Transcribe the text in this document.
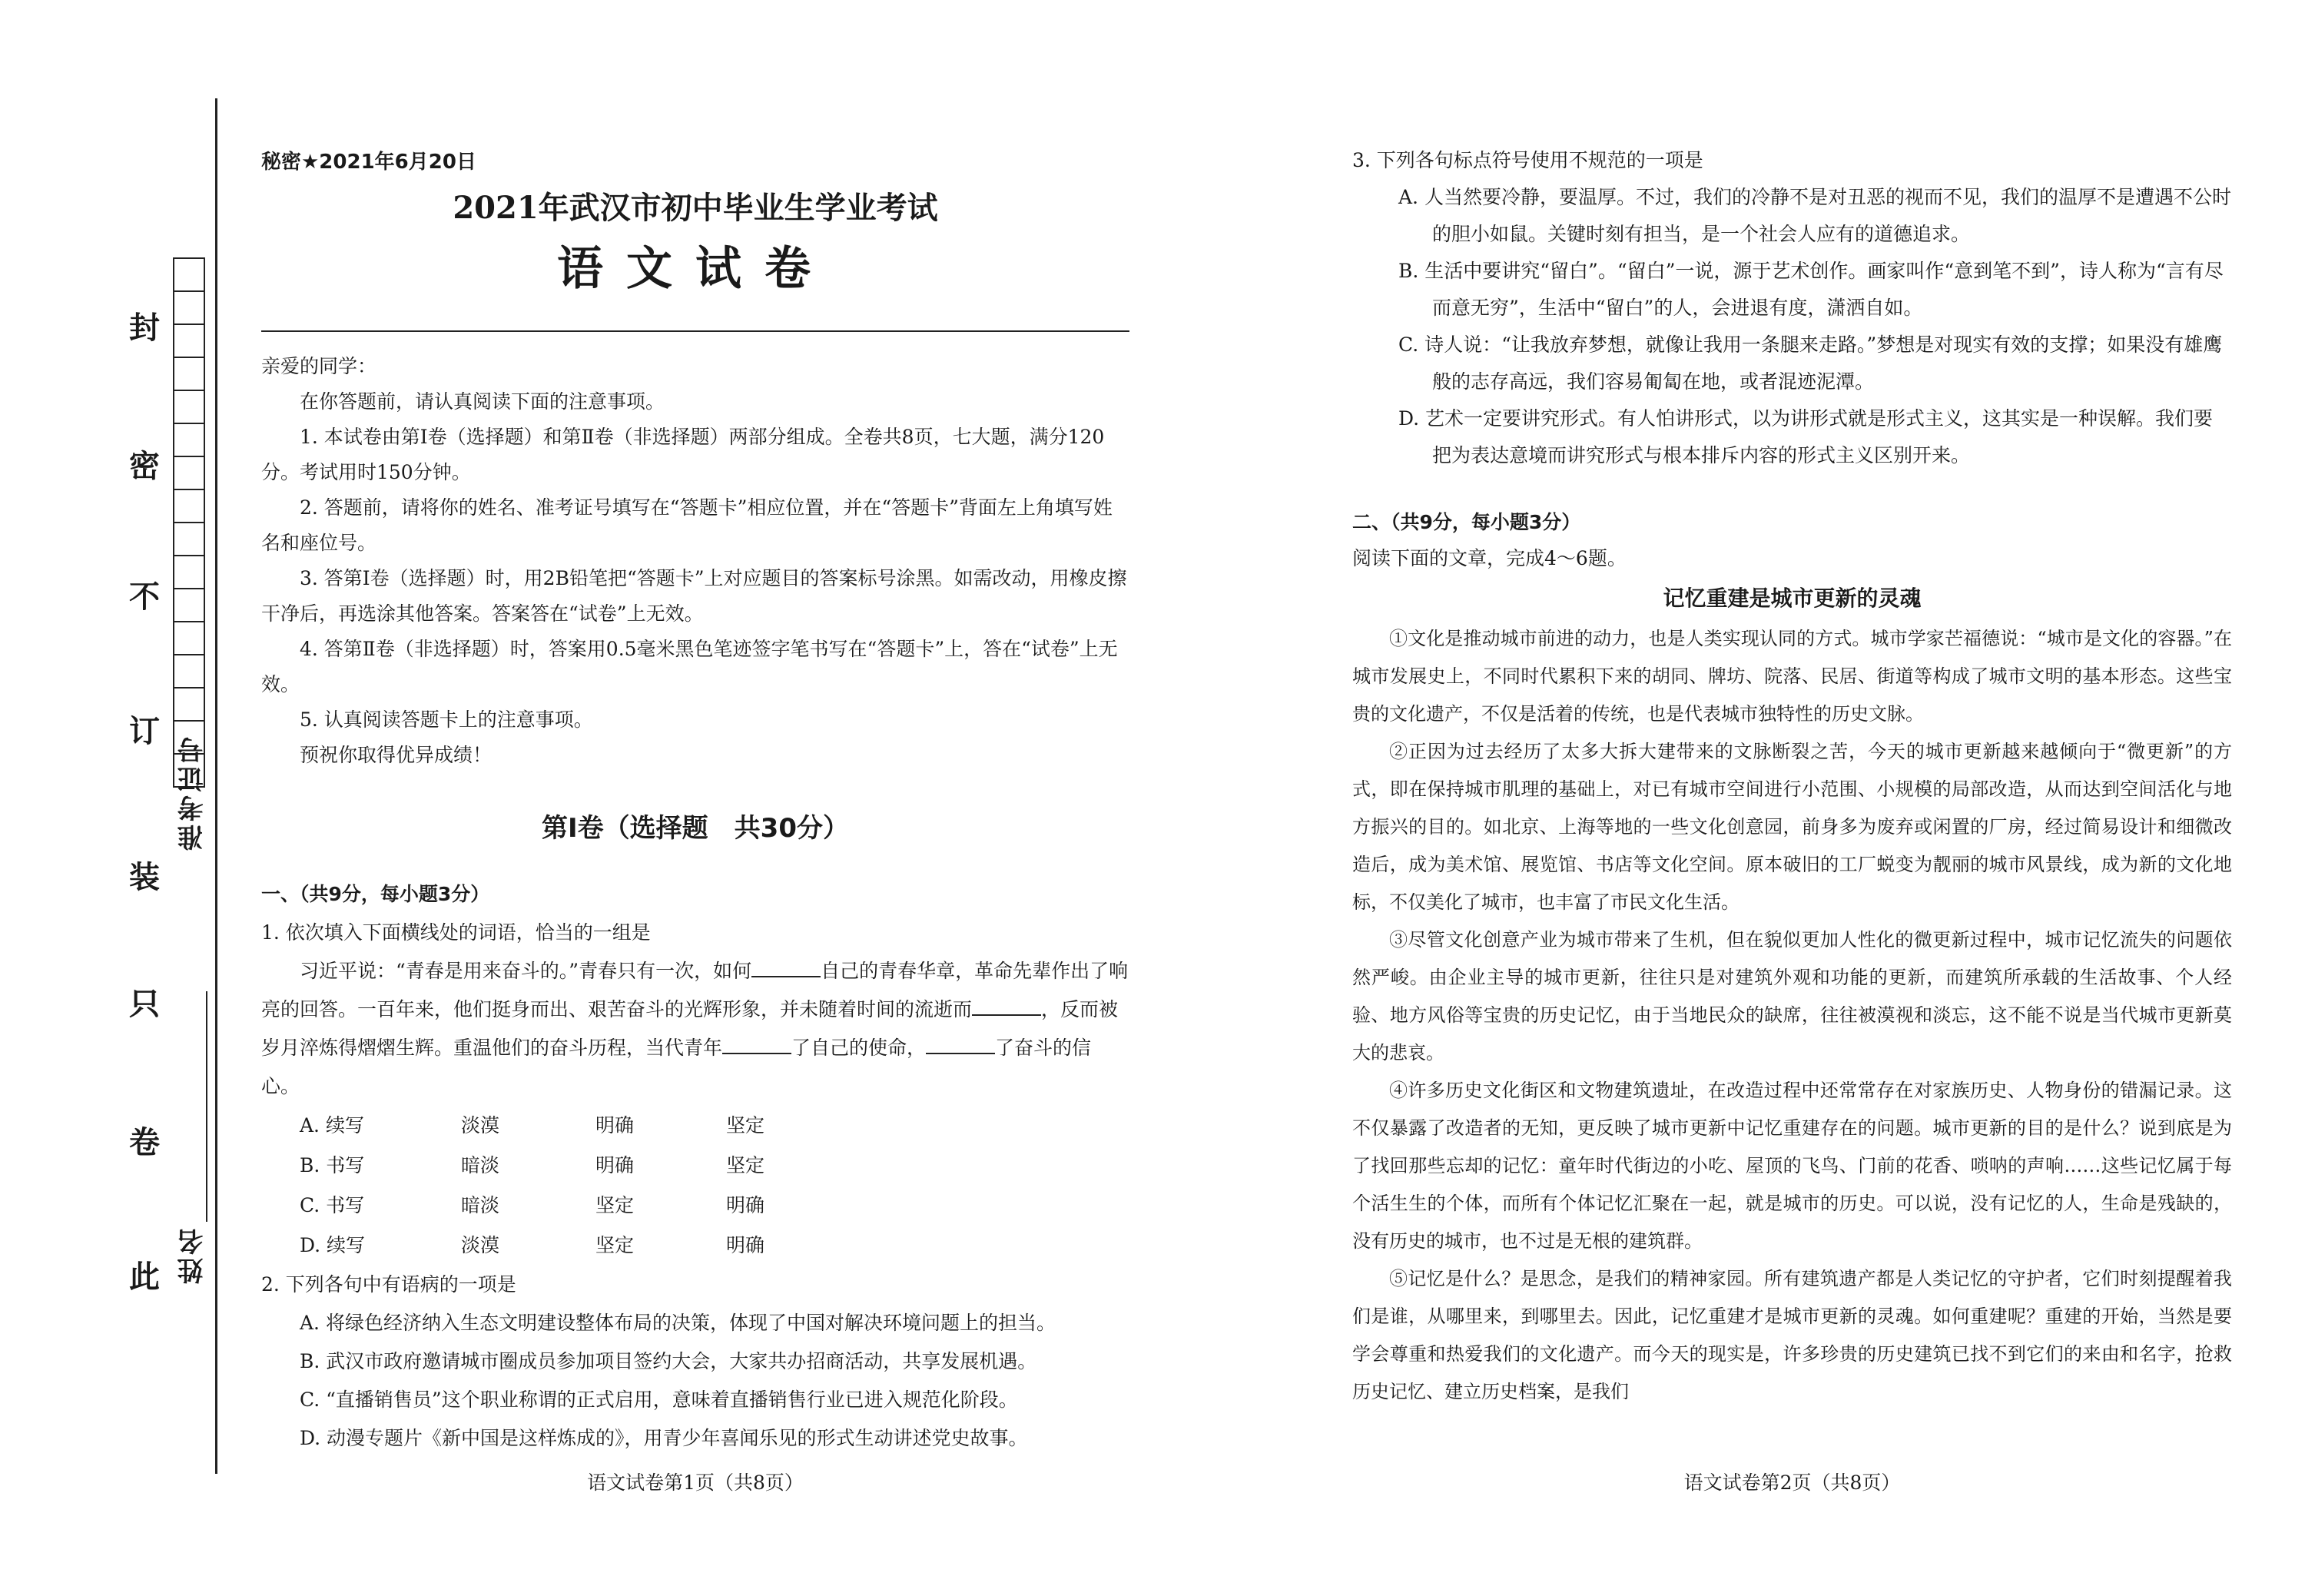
封
密
不
订
装
只
卷
此
准考证号
姓名
秘密★2021年6月20日
2021年武汉市初中毕业生学业考试
语文试卷

亲爱的同学：

在你答题前，请认真阅读下面的注意事项。

1. 本试卷由第Ⅰ卷（选择题）和第Ⅱ卷（非选择题）两部分组成。全卷共8页，七大题，满分120分。考试用时150分钟。

2. 答题前，请将你的姓名、准考证号填写在“答题卡”相应位置，并在“答题卡”背面左上角填写姓名和座位号。

3. 答第Ⅰ卷（选择题）时，用2B铅笔把“答题卡”上对应题目的答案标号涂黑。如需改动，用橡皮擦干净后，再选涂其他答案。答案答在“试卷”上无效。

4. 答第Ⅱ卷（非选择题）时，答案用0.5毫米黑色笔迹签字笔书写在“答题卡”上，答在“试卷”上无效。

5. 认真阅读答题卡上的注意事项。

预祝你取得优异成绩！

第Ⅰ卷（选择题　共30分）
一、（共9分，每小题3分）

1. 依次填入下面横线处的词语，恰当的一组是

习近平说：“青春是用来奋斗的。”青春只有一次，如何	自己的青春华章，革命先辈作出了响亮的回答。一百年来，他们挺身而出、艰苦奋斗的光辉形象，并未随着时间的流逝而	，反而被岁月淬炼得熠熠生辉。重温他们的奋斗历程，当代青年	了自己的使命，	了奋斗的信心。

A. 续写	淡漠	明确	坚定
B. 书写	暗淡	明确	坚定
C. 书写	暗淡	坚定	明确
D. 续写	淡漠	坚定	明确

2. 下列各句中有语病的一项是

A. 将绿色经济纳入生态文明建设整体布局的决策，体现了中国对解决环境问题上的担当。

B. 武汉市政府邀请城市圈成员参加项目签约大会，大家共办招商活动，共享发展机遇。

C. “直播销售员”这个职业称谓的正式启用，意味着直播销售行业已进入规范化阶段。

D. 动漫专题片《新中国是这样炼成的》，用青少年喜闻乐见的形式生动讲述党史故事。

语文试卷第1页（共8页）

3. 下列各句标点符号使用不规范的一项是

A. 人当然要冷静，要温厚。不过，我们的冷静不是对丑恶的视而不见，我们的温厚不是遭遇不公时的胆小如鼠。关键时刻有担当，是一个社会人应有的道德追求。

B. 生活中要讲究“留白”。“留白”一说，源于艺术创作。画家叫作“意到笔不到”，诗人称为“言有尽而意无穷”，生活中“留白”的人，会进退有度，潇洒自如。

C. 诗人说：“让我放弃梦想，就像让我用一条腿来走路。”梦想是对现实有效的支撑；如果没有雄鹰般的志存高远，我们容易匍匐在地，或者混迹泥潭。

D. 艺术一定要讲究形式。有人怕讲形式，以为讲形式就是形式主义，这其实是一种误解。我们要把为表达意境而讲究形式与根本排斥内容的形式主义区别开来。

二、（共9分，每小题3分）

阅读下面的文章，完成4～6题。

记忆重建是城市更新的灵魂

①文化是推动城市前进的动力，也是人类实现认同的方式。城市学家芒福德说：“城市是文化的容器。”在城市发展史上，不同时代累积下来的胡同、牌坊、院落、民居、街道等构成了城市文明的基本形态。这些宝贵的文化遗产，不仅是活着的传统，也是代表城市独特性的历史文脉。

②正因为过去经历了太多大拆大建带来的文脉断裂之苦，今天的城市更新越来越倾向于“微更新”的方式，即在保持城市肌理的基础上，对已有城市空间进行小范围、小规模的局部改造，从而达到空间活化与地方振兴的目的。如北京、上海等地的一些文化创意园，前身多为废弃或闲置的厂房，经过简易设计和细微改造后，成为美术馆、展览馆、书店等文化空间。原本破旧的工厂蜕变为靓丽的城市风景线，成为新的文化地标，不仅美化了城市，也丰富了市民文化生活。

③尽管文化创意产业为城市带来了生机，但在貌似更加人性化的微更新过程中，城市记忆流失的问题依然严峻。由企业主导的城市更新，往往只是对建筑外观和功能的更新，而建筑所承载的生活故事、个人经验、地方风俗等宝贵的历史记忆，由于当地民众的缺席，往往被漠视和淡忘，这不能不说是当代城市更新莫大的悲哀。

④许多历史文化街区和文物建筑遗址，在改造过程中还常常存在对家族历史、人物身份的错漏记录。这不仅暴露了改造者的无知，更反映了城市更新中记忆重建存在的问题。城市更新的目的是什么？说到底是为了找回那些忘却的记忆：童年时代街边的小吃、屋顶的飞鸟、门前的花香、唢呐的声响……这些记忆属于每个活生生的个体，而所有个体记忆汇聚在一起，就是城市的历史。可以说，没有记忆的人，生命是残缺的，没有历史的城市，也不过是无根的建筑群。

⑤记忆是什么？是思念，是我们的精神家园。所有建筑遗产都是人类记忆的守护者，它们时刻提醒着我们是谁，从哪里来，到哪里去。因此，记忆重建才是城市更新的灵魂。如何重建呢？重建的开始，当然是要学会尊重和热爱我们的文化遗产。而今天的现实是，许多珍贵的历史建筑已找不到它们的来由和名字，抢救历史记忆、建立历史档案，是我们

语文试卷第2页（共8页）
